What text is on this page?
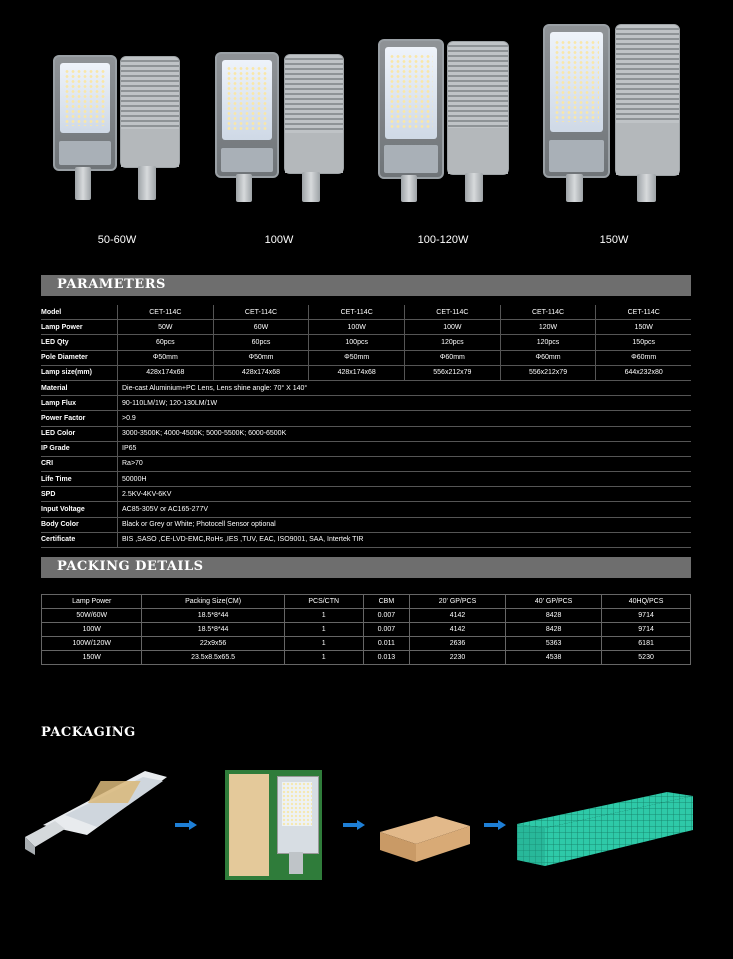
50-60W	100W	100-120W	150W
PARAMETERS
Model	CET-114C	CET-114C	CET-114C	CET-114C	CET-114C	CET-114C
Lamp Power	50W	60W	100W	100W	120W	150W
LED Qty	60pcs	60pcs	100pcs	120pcs	120pcs	150pcs
Pole Diameter	Φ50mm	Φ50mm	Φ50mm	Φ60mm	Φ60mm	Φ60mm
Lamp size(mm)	428x174x68	428x174x68	428x174x68	556x212x79	556x212x79	644x232x80
Material	Die-cast Aluminium+PC Lens, Lens shine angle: 70° X 140°
Lamp Flux	90-110LM/1W; 120-130LM/1W
Power Factor	>0.9
LED Color	3000-3500K; 4000-4500K; 5000-5500K; 6000-6500K
IP Grade	IP65
CRI	Ra>70
Life Time	50000H
SPD	2.5KV-4KV-6KV
Input Voltage	AC85-305V or AC165-277V
Body Color	Black or Grey or White; Photocell Sensor optional
Certificate	BIS ,SASO ,CE-LVD-EMC,RoHs ,IES ,TUV, EAC, ISO9001, SAA, Intertek TIR
PACKING DETAILS
Lamp Power	Packing Size(CM)	PCS/CTN	CBM	20' GP/PCS	40' GP/PCS	40HQ/PCS
50W/60W	18.5*8*44	1	0.007	4142	8428	9714
100W	18.5*8*44	1	0.007	4142	8428	9714
100W/120W	22x9x56	1	0.011	2636	5363	6181
150W	23.5x8.5x65.5	1	0.013	2230	4538	5230
PACKAGING
